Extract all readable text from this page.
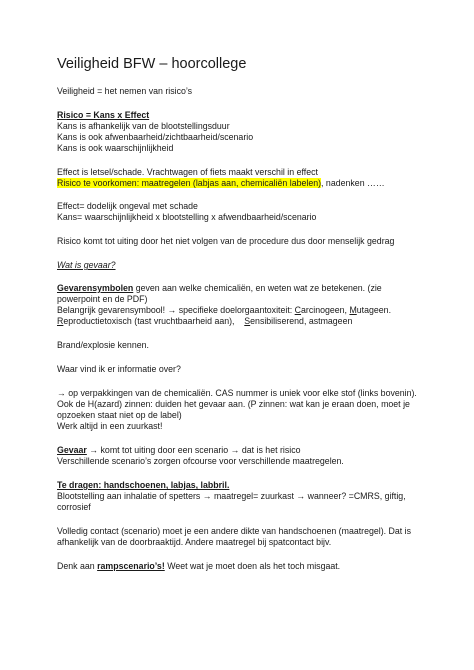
Veiligheid BFW – hoorcollege
Veiligheid = het nemen van risico’s
Risico = Kans x Effect
Kans is afhankelijk van de blootstellingsduur
Kans is ook afwenbaarheid/zichtbaarheid/scenario
Kans is ook waarschijnlijkheid
Effect is letsel/schade. Vrachtwagen of fiets maakt verschil in effect
Risico te voorkomen: maatregelen (labjas aan, chemicaliën labelen), nadenken ……
Effect= dodelijk ongeval met schade
Kans= waarschijnlijkheid x blootstelling x afwendbaarheid/scenario
Risico komt tot uiting door het niet volgen van de procedure dus door menselijk gedrag
Wat is gevaar?
Gevarensymbolen geven aan welke chemicaliën, en weten wat ze betekenen. (zie
powerpoint en de PDF)
Belangrijk gevarensymbool! → specifieke doelorgaantoxiteit: Carcinogeen, Mutageen.
Reproductietoxisch (tast vruchtbaarheid aan),    Sensibiliserend, astmageen
Brand/explosie kennen.
Waar vind ik er informatie over?
→ op verpakkingen van de chemicaliën. CAS nummer is uniek voor elke stof (links bovenin).
Ook de H(azard) zinnen: duiden het gevaar aan. (P zinnen: wat kan je eraan doen, moet je
opzoeken staat niet op de label)
Werk altijd in een zuurkast!
Gevaar → komt tot uiting door een scenario → dat is het risico
Verschillende scenario’s zorgen ofcourse voor verschillende maatregelen.
Te dragen: handschoenen, labjas, labbril.
Blootstelling aan inhalatie of spetters → maatregel= zuurkast → wanneer? =CMRS, giftig,
corrosief
Volledig contact (scenario) moet je een andere dikte van handschoenen (maatregel). Dat is
afhankelijk van de doorbraaktijd. Andere maatregel bij spatcontact bijv.
Denk aan rampscenario’s! Weet wat je moet doen als het toch misgaat.
